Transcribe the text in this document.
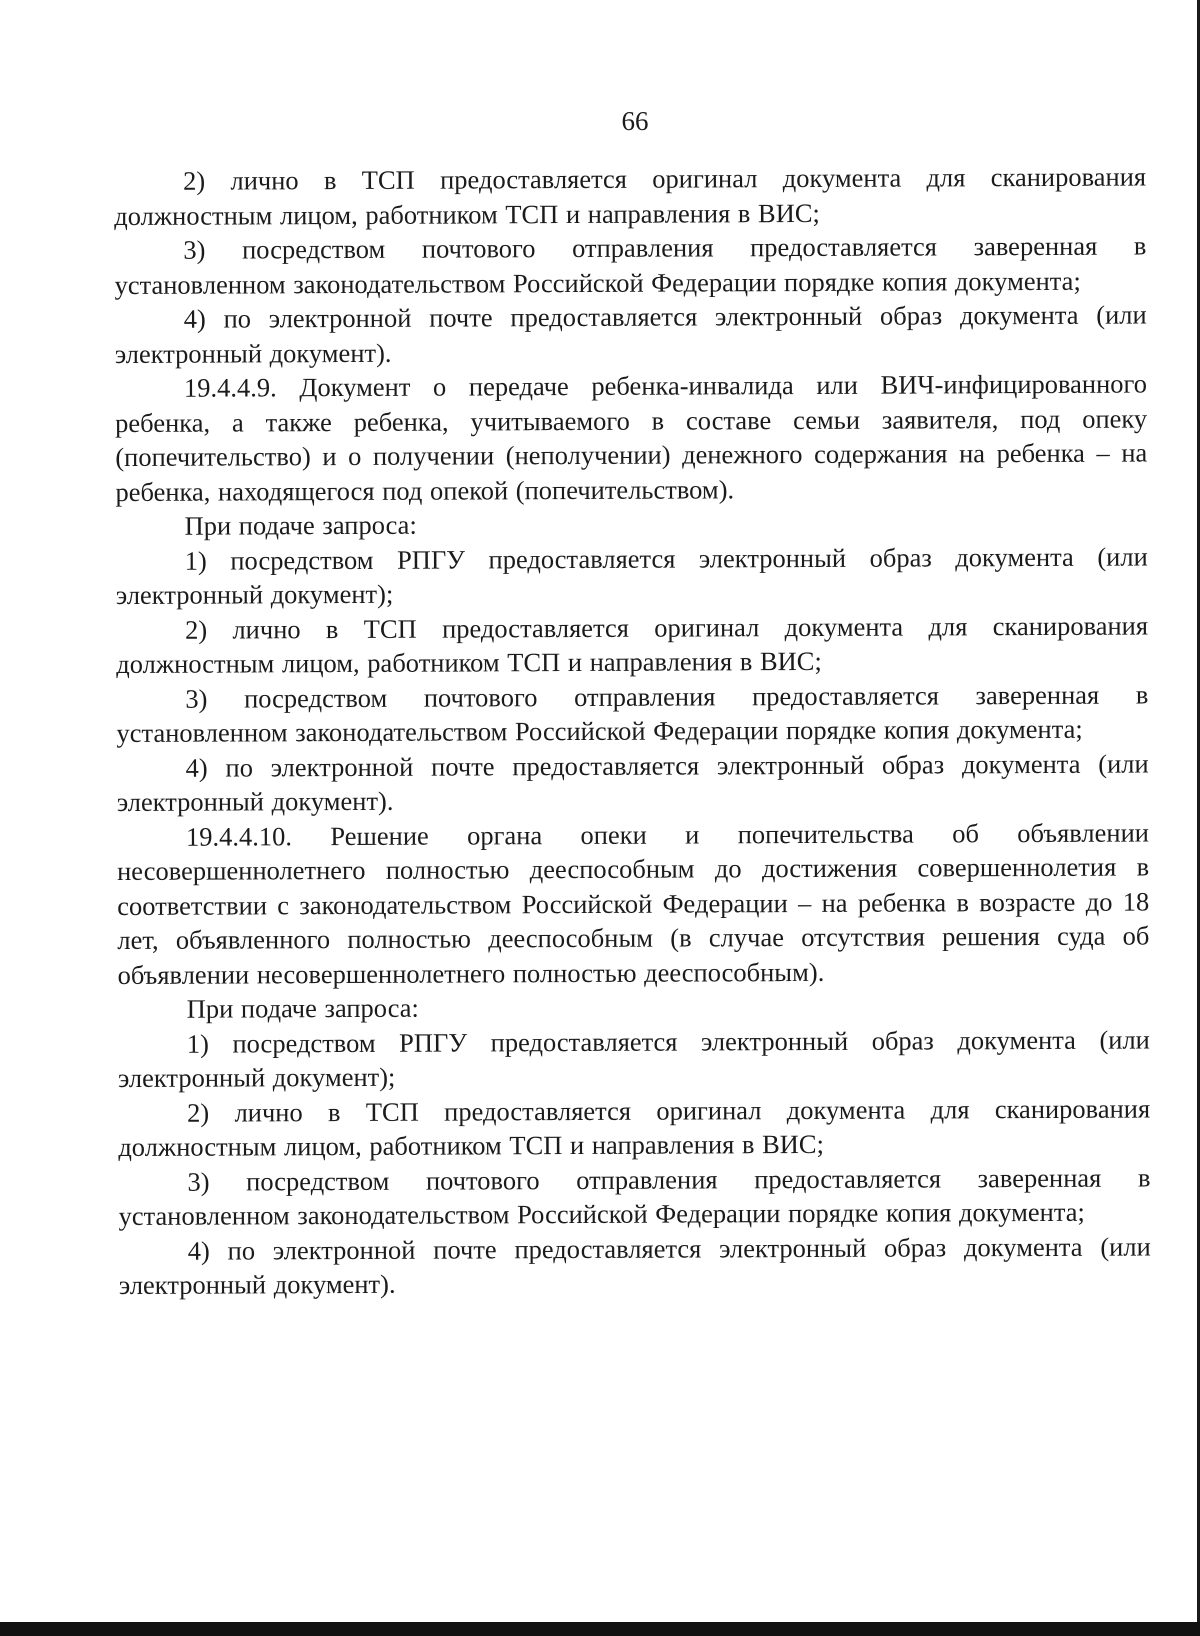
66

2) лично в ТСП предоставляется оригинал документа для сканирования должностным лицом, работником ТСП и направления в ВИС;

3) посредством почтового отправления предоставляется заверенная в установленном законодательством Российской Федерации порядке копия документа;

4) по электронной почте предоставляется электронный образ документа (или электронный документ).

19.4.4.9. Документ о передаче ребенка-инвалида или ВИЧ-инфицированного ребенка, а также ребенка, учитываемого в составе семьи заявителя, под опеку (попечительство) и о получении (неполучении) денежного содержания на ребенка – на ребенка, находящегося под опекой (попечительством).

При подаче запроса:

1) посредством РПГУ предоставляется электронный образ документа (или электронный документ);

2) лично в ТСП предоставляется оригинал документа для сканирования должностным лицом, работником ТСП и направления в ВИС;

3) посредством почтового отправления предоставляется заверенная в установленном законодательством Российской Федерации порядке копия документа;

4) по электронной почте предоставляется электронный образ документа (или электронный документ).

19.4.4.10. Решение органа опеки и попечительства об объявлении несовершеннолетнего полностью дееспособным до достижения совершеннолетия в соответствии с законодательством Российской Федерации – на ребенка в возрасте до 18 лет, объявленного полностью дееспособным (в случае отсутствия решения суда об объявлении несовершеннолетнего полностью дееспособным).

При подаче запроса:

1) посредством РПГУ предоставляется электронный образ документа (или электронный документ);

2) лично в ТСП предоставляется оригинал документа для сканирования должностным лицом, работником ТСП и направления в ВИС;

3) посредством почтового отправления предоставляется заверенная в установленном законодательством Российской Федерации порядке копия документа;

4) по электронной почте предоставляется электронный образ документа (или электронный документ).
